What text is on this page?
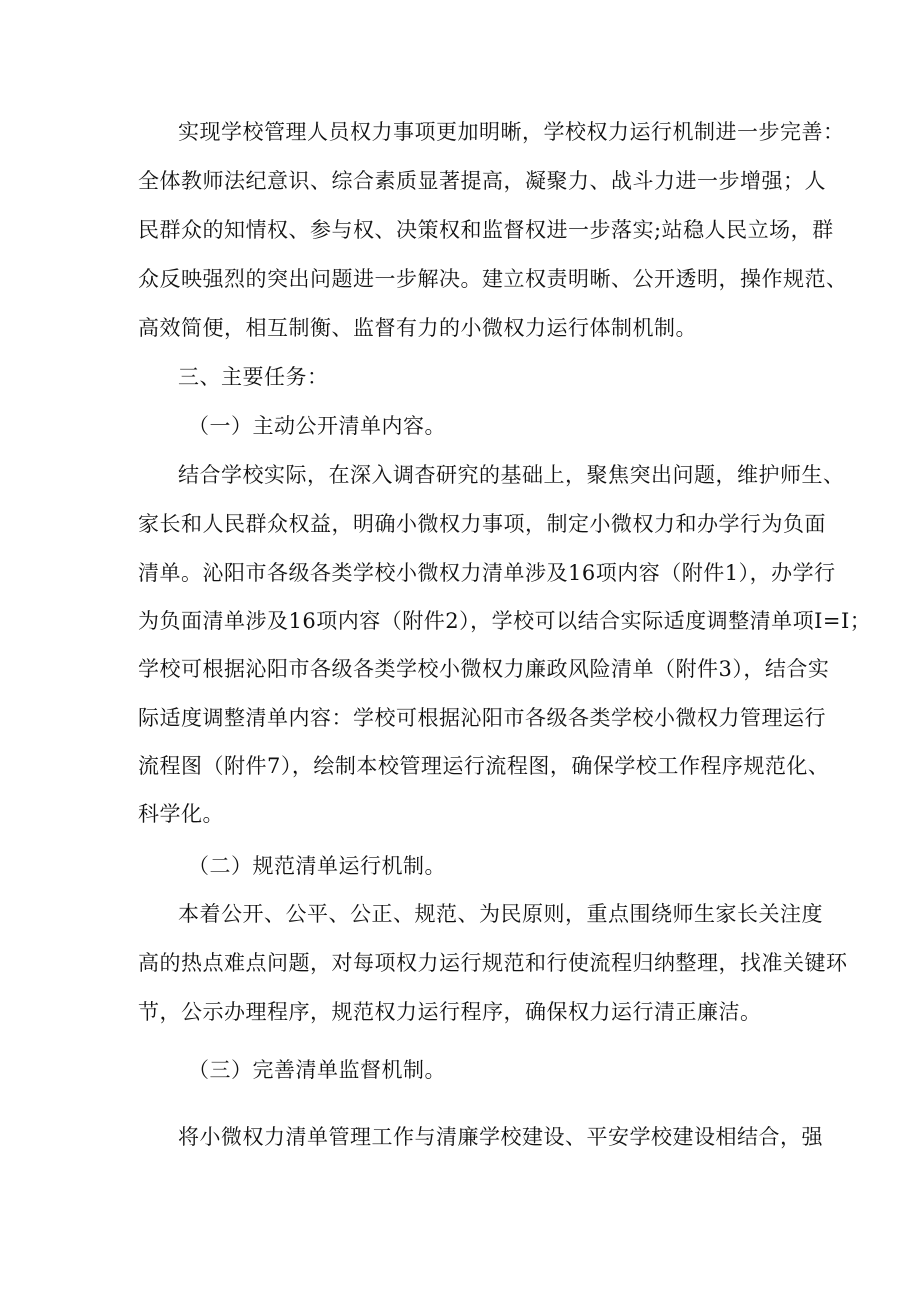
实现学校管理人员权力事项更加明晰，学校权力运行机制进一步完善：
全体教师法纪意识、综合素质显著提高，凝聚力、战斗力进一步增强；人
民群众的知情权、参与权、决策权和监督权进一步落实;站稳人民立场，群
众反映强烈的突出问题进一步解决。建立权责明晰、公开透明，操作规范、
高效简便，相互制衡、监督有力的小微权力运行体制机制。
三、主要任务：
（一）主动公开清单内容。
结合学校实际，在深入调杳研究的基础上，聚焦突出问题，维护师生、
家长和人民群众权益，明确小微权力事项，制定小微权力和办学行为负面
清单。沁阳市各级各类学校小微权力清单涉及16项内容（附件1），办学行
为负面清单涉及16项内容（附件2），学校可以结合实际适度调整清单项I=I；
学校可根据沁阳市各级各类学校小微权力廉政风险清单（附件3），结合实
际适度调整清单内容：学校可根据沁阳市各级各类学校小微权力管理运行
流程图（附件7），绘制本校管理运行流程图，确保学校工作程序规范化、
科学化。
（二）规范清单运行机制。
本着公开、公平、公正、规范、为民原则，重点围绕师生家长关注度
高的热点难点问题，对每项权力运行规范和行使流程归纳整理，找准关键环
节，公示办理程序，规范权力运行程序，确保权力运行清正廉洁。
（三）完善清单监督机制。
将小微权力清单管理工作与清廉学校建设、平安学校建设相结合，强
